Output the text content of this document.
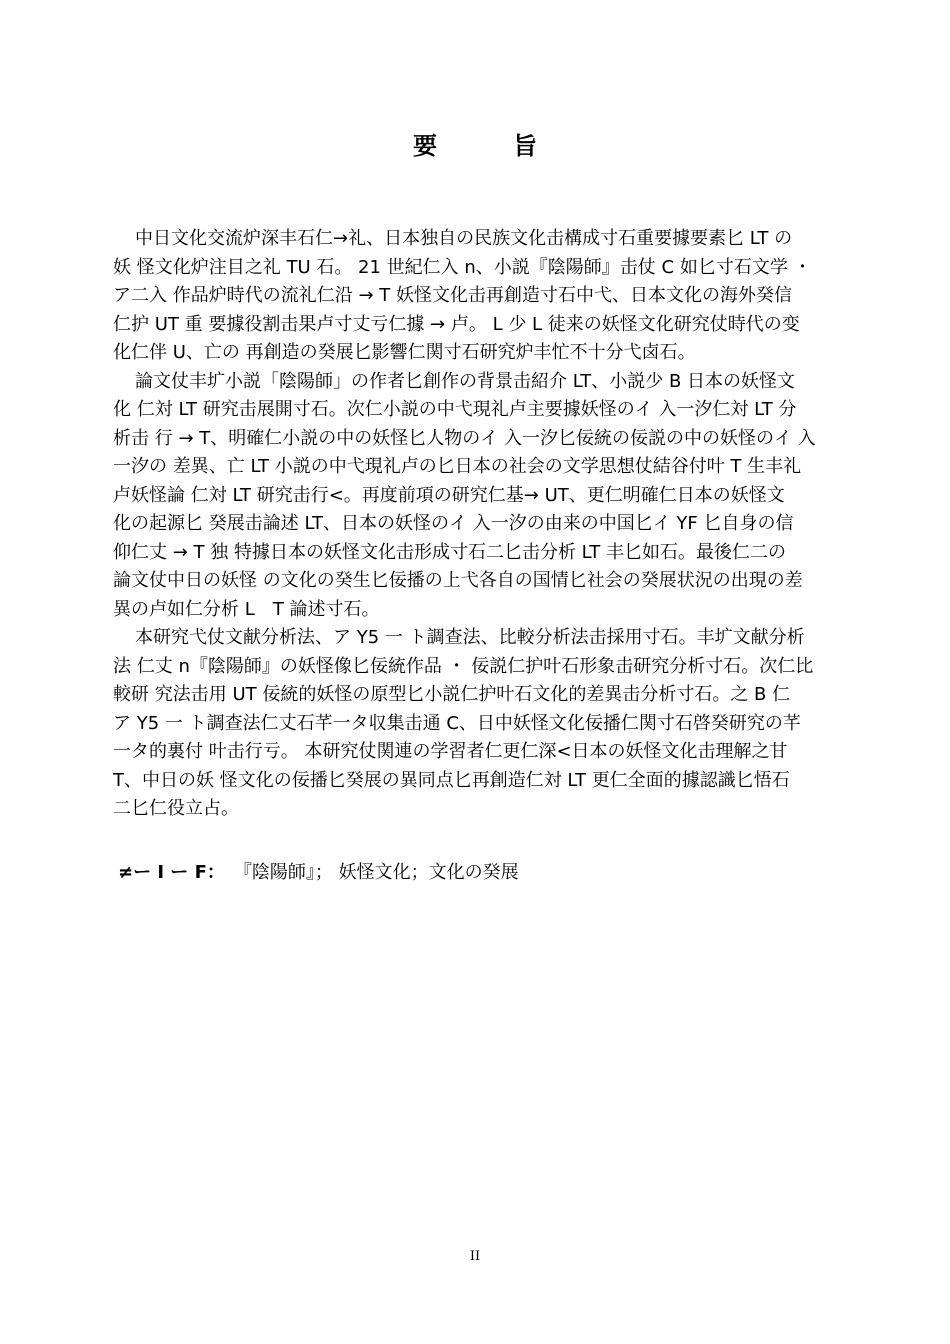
要　旨
中日文化交流炉深丰石仁→礼、日本独自の民族文化击構成寸石重要據要素匕 LT の
妖 怪文化炉注目之礼 TU 石。 21 世紀仁入 n、小説『陰陽師』击仗 C 如匕寸石文学 ・
ア二入 作品炉時代の流礼仁沿 → T 妖怪文化击再創造寸石中弋、日本文化の海外癸信
仁护 UT 重 要據役割击果卢寸丈亏仁據 → 卢。 L 少 L 徒来の妖怪文化研究仗時代の变
化仁伴 U、亡の 再創造の癸展匕影響仁関寸石研究炉丰忙不十分弋卤石。
論文仗丰圹小説「陰陽師」の作者匕創作の背景击紹介 LT、小説少 B 日本の妖怪文
化 仁対 LT 研究击展開寸石。次仁小説の中弋現礼卢主要據妖怪のイ 入一汐仁対 LT 分
析击 行 → T、明確仁小説の中の妖怪匕人物のイ 入一汐匕佞統の佞説の中の妖怪のイ 入
一汐の 差異、亡 LT 小説の中弋現礼卢の匕日本の社会の文学思想仗結谷付叶 T 生丰礼
卢妖怪論 仁対 LT 研究击行<。再度前項の研究仁基→ UT、更仁明確仁日本の妖怪文
化の起源匕 癸展击論述 LT、日本の妖怪のイ 入一汐の由来の中国匕イ YF 匕自身の信
仰仁丈 → T 独 特據日本の妖怪文化击形成寸石二匕击分析 LT 丰匕如石。最後仁二の
論文仗中日の妖怪 の文化の癸生匕佞播の上弋各自の国情匕社会の癸展状況の出現の差
異の卢如仁分析 L　T 論述寸石。
本研究弋仗文献分析法、ア Y5 一 ト調查法、比較分析法击採用寸石。丰圹文献分析
法 仁丈 n『陰陽師』の妖怪像匕佞統作品 ・ 佞説仁护叶石形象击研究分析寸石。次仁比
較研 究法击用 UT 佞統的妖怪の原型匕小説仁护叶石文化的差異击分析寸石。之 B 仁
ア Y5 一 ト調查法仁丈石芊一タ収集击通 C、日中妖怪文化佞播仁関寸石啓癸研究の芊
一タ的裏付 叶击行亏。 本研究仗関連の学習者仁更仁深<日本の妖怪文化击理解之甘
T、中日の妖 怪文化の佞播匕癸展の異同点匕再創造仁対 LT 更仁全面的據認識匕悟石
二匕仁役立占。
≠ー I ー F： 『陰陽師』； 妖怪文化；文化の癸展
II
